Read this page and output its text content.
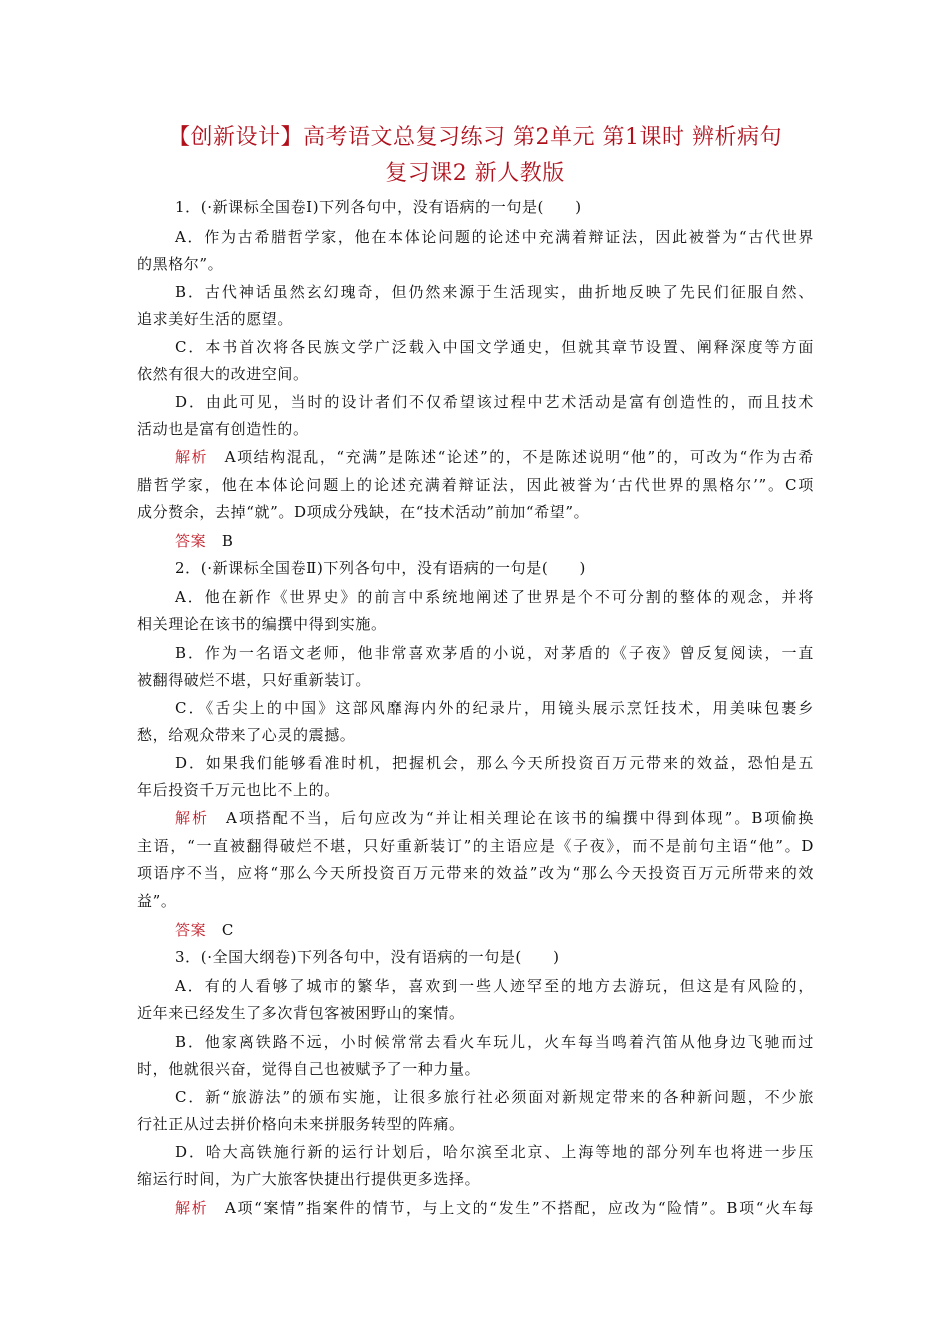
【创新设计】高考语文总复习练习 第2单元 第1课时 辨析病句
复习课2 新人教版
1．(·新课标全国卷Ⅰ)下列各句中，没有语病的一句是(　　)
A．作为古希腊哲学家，他在本体论问题的论述中充满着辩证法，因此被誉为“古代世界
的黑格尔”。
B．古代神话虽然玄幻瑰奇，但仍然来源于生活现实，曲折地反映了先民们征服自然、
追求美好生活的愿望。
C．本书首次将各民族文学广泛载入中国文学通史，但就其章节设置、阐释深度等方面
依然有很大的改进空间。
D．由此可见，当时的设计者们不仅希望该过程中艺术活动是富有创造性的，而且技术
活动也是富有创造性的。
解析　 A项结构混乱，“充满”是陈述“论述”的，不是陈述说明“他”的，可改为“作为古希
腊哲学家，他在本体论问题上的论述充满着辩证法，因此被誉为‘古代世界的黑格尔’”。C项
成分赘余，去掉“就”。D项成分残缺，在“技术活动”前加“希望”。
答案　 B
2．(·新课标全国卷Ⅱ)下列各句中，没有语病的一句是(　　)
A．他在新作《世界史》的前言中系统地阐述了世界是个不可分割的整体的观念，并将
相关理论在该书的编撰中得到实施。
B．作为一名语文老师，他非常喜欢茅盾的小说，对茅盾的《子夜》曾反复阅读，一直
被翻得破烂不堪，只好重新装订。
C．《舌尖上的中国》这部风靡海内外的纪录片，用镜头展示烹饪技术，用美味包裹乡
愁，给观众带来了心灵的震撼。
D．如果我们能够看准时机，把握机会，那么今天所投资百万元带来的效益，恐怕是五
年后投资千万元也比不上的。
解析　 A项搭配不当，后句应改为“并让相关理论在该书的编撰中得到体现”。B项偷换
主语，“一直被翻得破烂不堪，只好重新装订”的主语应是《子夜》，而不是前句主语“他”。D
项语序不当，应将“那么今天所投资百万元带来的效益”改为“那么今天投资百万元所带来的效
益”。
答案　 C
3．(·全国大纲卷)下列各句中，没有语病的一句是(　　)
A．有的人看够了城市的繁华，喜欢到一些人迹罕至的地方去游玩，但这是有风险的，
近年来已经发生了多次背包客被困野山的案情。
B．他家离铁路不远，小时候常常去看火车玩儿，火车每当鸣着汽笛从他身边飞驰而过
时，他就很兴奋，觉得自己也被赋予了一种力量。
C．新“旅游法”的颁布实施，让很多旅行社必须面对新规定带来的各种新问题，不少旅
行社正从过去拼价格向未来拼服务转型的阵痛。
D．哈大高铁施行新的运行计划后，哈尔滨至北京、上海等地的部分列车也将进一步压
缩运行时间，为广大旅客快捷出行提供更多选择。
解析　 A项“案情”指案件的情节，与上文的“发生”不搭配，应改为“险情”。B项“火车每
